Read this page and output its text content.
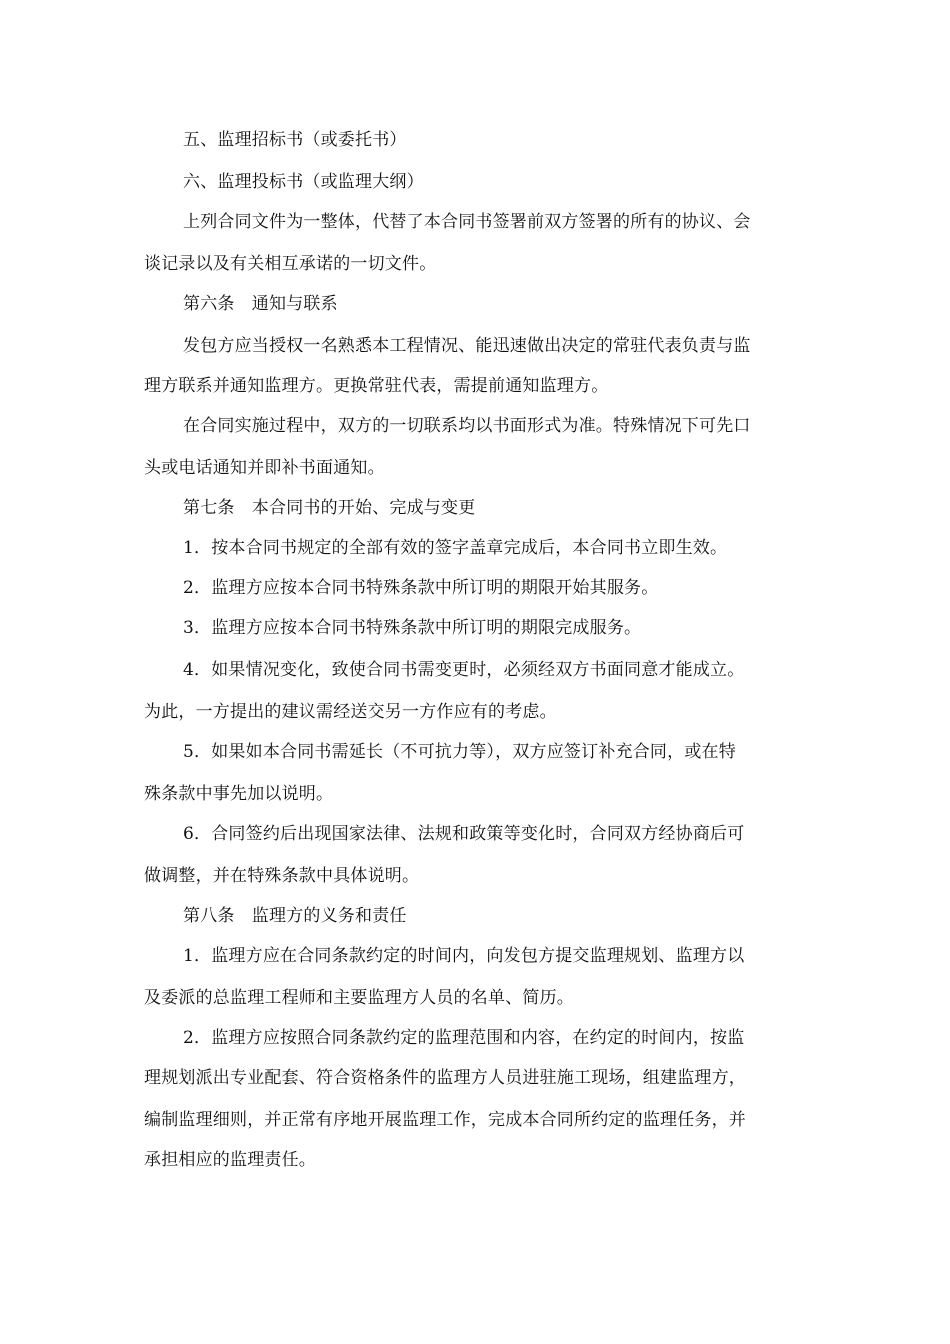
五、监理招标书（或委托书）
六、监理投标书（或监理大纲）
上列合同文件为一整体，代替了本合同书签署前双方签署的所有的协议、会
谈记录以及有关相互承诺的一切文件。
第六条　通知与联系
发包方应当授权一名熟悉本工程情况、能迅速做出决定的常驻代表负责与监
理方联系并通知监理方。更换常驻代表，需提前通知监理方。
在合同实施过程中，双方的一切联系均以书面形式为准。特殊情况下可先口
头或电话通知并即补书面通知。
第七条　本合同书的开始、完成与变更
1．按本合同书规定的全部有效的签字盖章完成后，本合同书立即生效。
2．监理方应按本合同书特殊条款中所订明的期限开始其服务。
3．监理方应按本合同书特殊条款中所订明的期限完成服务。
4．如果情况变化，致使合同书需变更时，必须经双方书面同意才能成立。
为此，一方提出的建议需经送交另一方作应有的考虑。
5．如果如本合同书需延长（不可抗力等），双方应签订补充合同，或在特
殊条款中事先加以说明。
6．合同签约后出现国家法律、法规和政策等变化时，合同双方经协商后可
做调整，并在特殊条款中具体说明。
第八条　监理方的义务和责任
1．监理方应在合同条款约定的时间内，向发包方提交监理规划、监理方以
及委派的总监理工程师和主要监理方人员的名单、简历。
2．监理方应按照合同条款约定的监理范围和内容，在约定的时间内，按监
理规划派出专业配套、符合资格条件的监理方人员进驻施工现场，组建监理方，
编制监理细则，并正常有序地开展监理工作，完成本合同所约定的监理任务，并
承担相应的监理责任。
